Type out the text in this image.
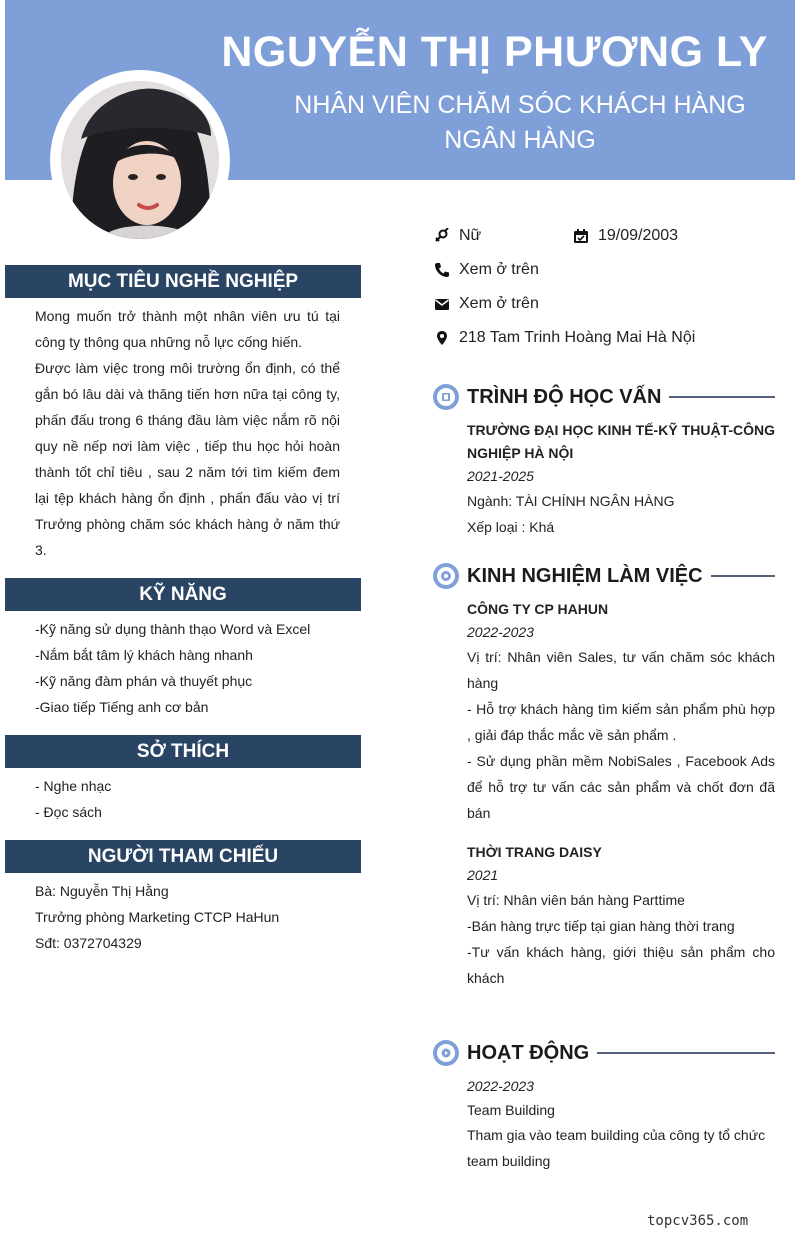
NGUYỄN THỊ PHƯƠNG LY
NHÂN VIÊN CHĂM SÓC KHÁCH HÀNG NGÂN HÀNG
MỤC TIÊU NGHỀ NGHIỆP

Mong muốn trở thành một nhân viên ưu tú tại công ty thông qua những nỗ lực cống hiến.

Được làm việc trong môi trường ổn định, có thể gắn bó lâu dài và thăng tiến hơn nữa tại công ty, phấn đấu trong 6 tháng đầu làm việc nắm rõ nội quy nề nếp nơi làm việc , tiếp thu học hỏi hoàn thành tốt chỉ tiêu , sau 2 năm tới tìm kiếm đem lại tệp khách hàng ổn định , phấn đấu vào vị trí Trưởng phòng chăm sóc khách hàng ở năm thứ 3.

KỸ NĂNG
-Kỹ năng sử dụng thành thạo Word và Excel
-Nắm bắt tâm lý khách hàng nhanh
-Kỹ năng đàm phán và thuyết phục
-Giao tiếp Tiếng anh cơ bản
SỞ THÍCH
- Nghe nhạc
- Đọc sách
NGƯỜI THAM CHIẾU
Bà: Nguyễn Thị Hằng
Trưởng phòng Marketing CTCP HaHun
Sđt: 0372704329
Nữ	19/09/2003
Xem ở trên
Xem ở trên
218 Tam Trinh Hoàng Mai Hà Nội
TRÌNH ĐỘ HỌC VẤN
TRƯỜNG ĐẠI HỌC KINH TẾ-KỸ THUẬT-CÔNG NGHIỆP HÀ NỘI
2021-2025
Ngành: TÀI CHÍNH NGÂN HÀNG
Xếp loại : Khá
KINH NGHIỆM LÀM VIỆC
CÔNG TY CP HAHUN
2022-2023
Vị trí: Nhân viên Sales, tư vấn chăm sóc khách hàng
- Hỗ trợ khách hàng tìm kiếm sản phẩm phù hợp , giải đáp thắc mắc về sản phẩm .
- Sử dụng phần mềm NobiSales , Facebook Ads để hỗ trợ tư vấn các sản phẩm và chốt đơn đã bán
THỜI TRANG DAISY
2021
Vị trí: Nhân viên bán hàng Parttime
-Bán hàng trực tiếp tại gian hàng thời trang
-Tư vấn khách hàng, giới thiệu sản phẩm cho khách
HOẠT ĐỘNG
2022-2023
Team Building
Tham gia vào team building của công ty tổ chức team building
topcv365.com
